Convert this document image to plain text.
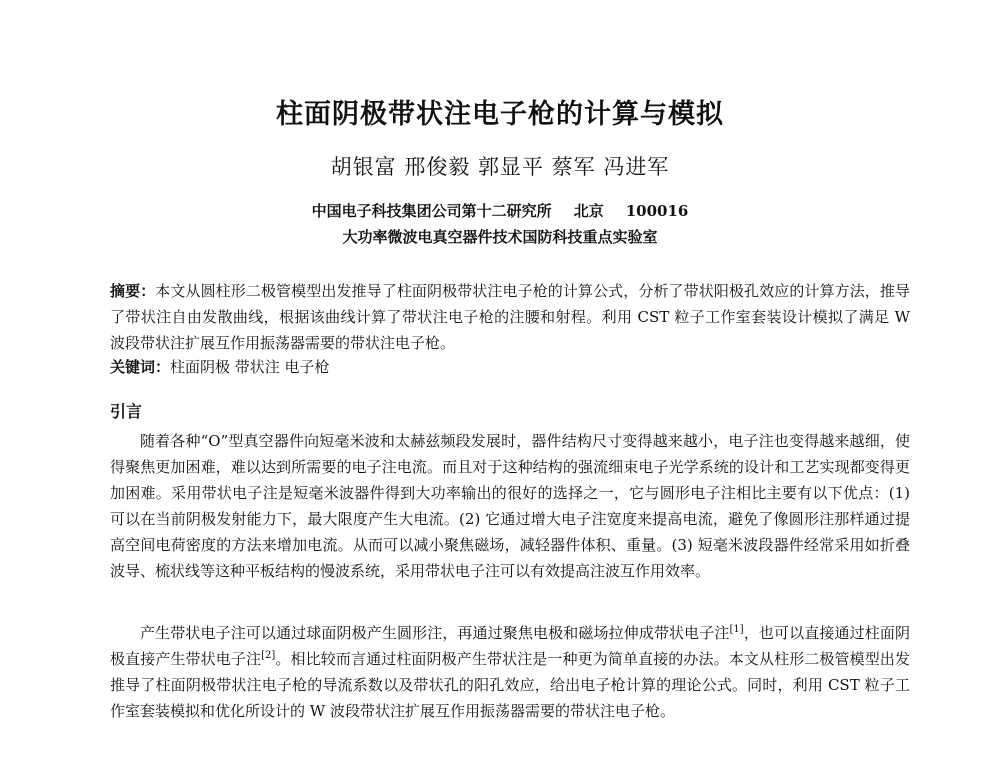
柱面阴极带状注电子枪的计算与模拟
胡银富 邢俊毅 郭显平 蔡军 冯进军
中国电子科技集团公司第十二研究所 北京 100016
大功率微波电真空器件技术国防科技重点实验室
摘要：本文从圆柱形二极管模型出发推导了柱面阴极带状注电子枪的计算公式，分析了带状阳极孔效应的计算方法，推导了带状注自由发散曲线，根据该曲线计算了带状注电子枪的注腰和射程。利用 CST 粒子工作室套装设计模拟了满足 W 波段带状注扩展互作用振荡器需要的带状注电子枪。
关键词：柱面阴极 带状注 电子枪
引言
随着各种“O”型真空器件向短毫米波和太赫兹频段发展时，器件结构尺寸变得越来越小，电子注也变得越来越细，使得聚焦更加困难，难以达到所需要的电子注电流。而且对于这种结构的强流细束电子光学系统的设计和工艺实现都变得更加困难。采用带状电子注是短毫米波器件得到大功率输出的很好的选择之一，它与圆形电子注相比主要有以下优点：(1) 可以在当前阴极发射能力下，最大限度产生大电流。(2) 它通过增大电子注宽度来提高电流，避免了像圆形注那样通过提高空间电荷密度的方法来增加电流。从而可以减小聚焦磁场，减轻器件体积、重量。(3) 短毫米波段器件经常采用如折叠波导、梳状线等这种平板结构的慢波系统，采用带状电子注可以有效提高注波互作用效率。
产生带状电子注可以通过球面阴极产生圆形注，再通过聚焦电极和磁场拉伸成带状电子注[1]，也可以直接通过柱面阴极直接产生带状电子注[2]。相比较而言通过柱面阴极产生带状注是一种更为简单直接的办法。本文从柱形二极管模型出发推导了柱面阴极带状注电子枪的导流系数以及带状孔的阳孔效应，给出电子枪计算的理论公式。同时，利用 CST 粒子工作室套装模拟和优化所设计的 W 波段带状注扩展互作用振荡器需要的带状注电子枪。
